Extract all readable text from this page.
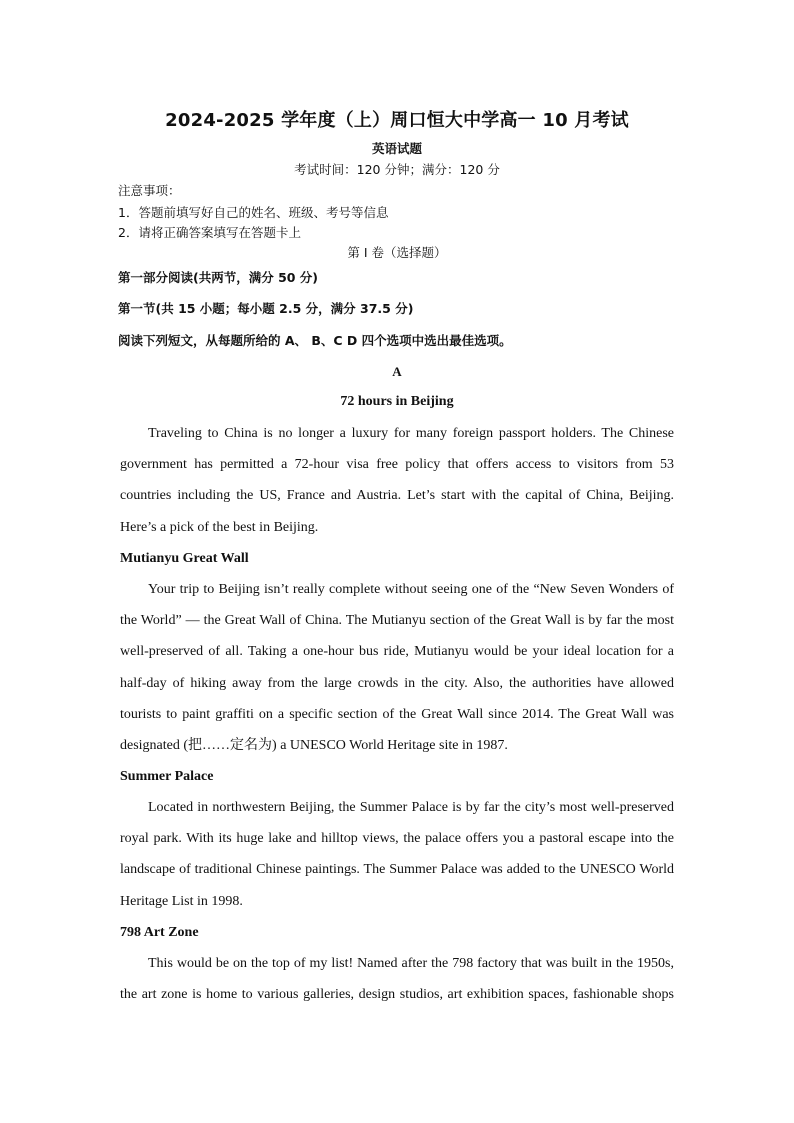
2024-2025 学年度（上）周口恒大中学高一 10 月考试
英语试题
考试时间：120 分钟；满分：120 分
注意事项：
1．答题前填写好自己的姓名、班级、考号等信息
2．请将正确答案填写在答题卡上
第 I 卷（选择题）
第一部分阅读(共两节，满分 50 分)
第一节(共 15 小题；每小题 2.5 分，满分 37.5 分)
阅读下列短文，从每题所给的 A、 B、C D 四个选项中选出最佳选项。
A
72 hours in Beijing
Traveling to China is no longer a luxury for many foreign passport holders. The Chinese government has permitted a 72-hour visa free policy that offers access to visitors from 53 countries including the US, France and Austria. Let’s start with the capital of China, Beijing. Here’s a pick of the best in Beijing.
Mutianyu Great Wall
Your trip to Beijing isn’t really complete without seeing one of the “New Seven Wonders of the World” — the Great Wall of China. The Mutianyu section of the Great Wall is by far the most well-preserved of all. Taking a one-hour bus ride, Mutianyu would be your ideal location for a half-day of hiking away from the large crowds in the city. Also, the authorities have allowed tourists to paint graffiti on a specific section of the Great Wall since 2014. The Great Wall was designated (把……定名为) a UNESCO World Heritage site in 1987.
Summer Palace
Located in northwestern Beijing, the Summer Palace is by far the city’s most well-preserved royal park. With its huge lake and hilltop views, the palace offers you a pastoral escape into the landscape of traditional Chinese paintings. The Summer Palace was added to the UNESCO World Heritage List in 1998.
798 Art Zone
This would be on the top of my list! Named after the 798 factory that was built in the 1950s, the art zone is home to various galleries, design studios, art exhibition spaces, fashionable shops
